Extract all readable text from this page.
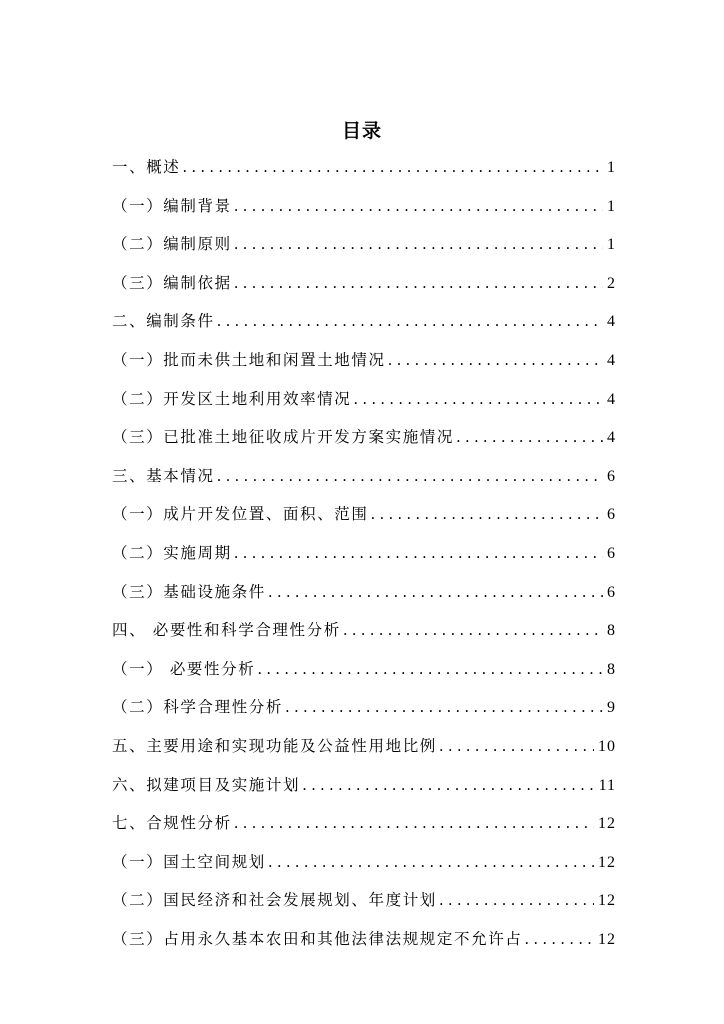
目录
一、概述 .....	1
（一）编制背景 .....	1
（二）编制原则 .....	1
（三）编制依据 .....	2
二、编制条件 .....	4
（一）批而未供土地和闲置土地情况 .....	4
（二）开发区土地利用效率情况 .....	4
（三）已批准土地征收成片开发方案实施情况 .....	4
三、基本情况 .....	6
（一）成片开发位置、面积、范围 .....	6
（二）实施周期 .....	6
（三）基础设施条件 .....	6
四、 必要性和科学合理性分析 .....	8
（一） 必要性分析 .....	8
（二）科学合理性分析 .....	9
五、主要用途和实现功能及公益性用地比例 .....	10
六、拟建项目及实施计划 .....	11
七、合规性分析 .....	12
（一）国土空间规划 .....	12
（二）国民经济和社会发展规划、年度计划 .....	12
（三）占用永久基本农田和其他法律法规规定不允许占 .....	12
